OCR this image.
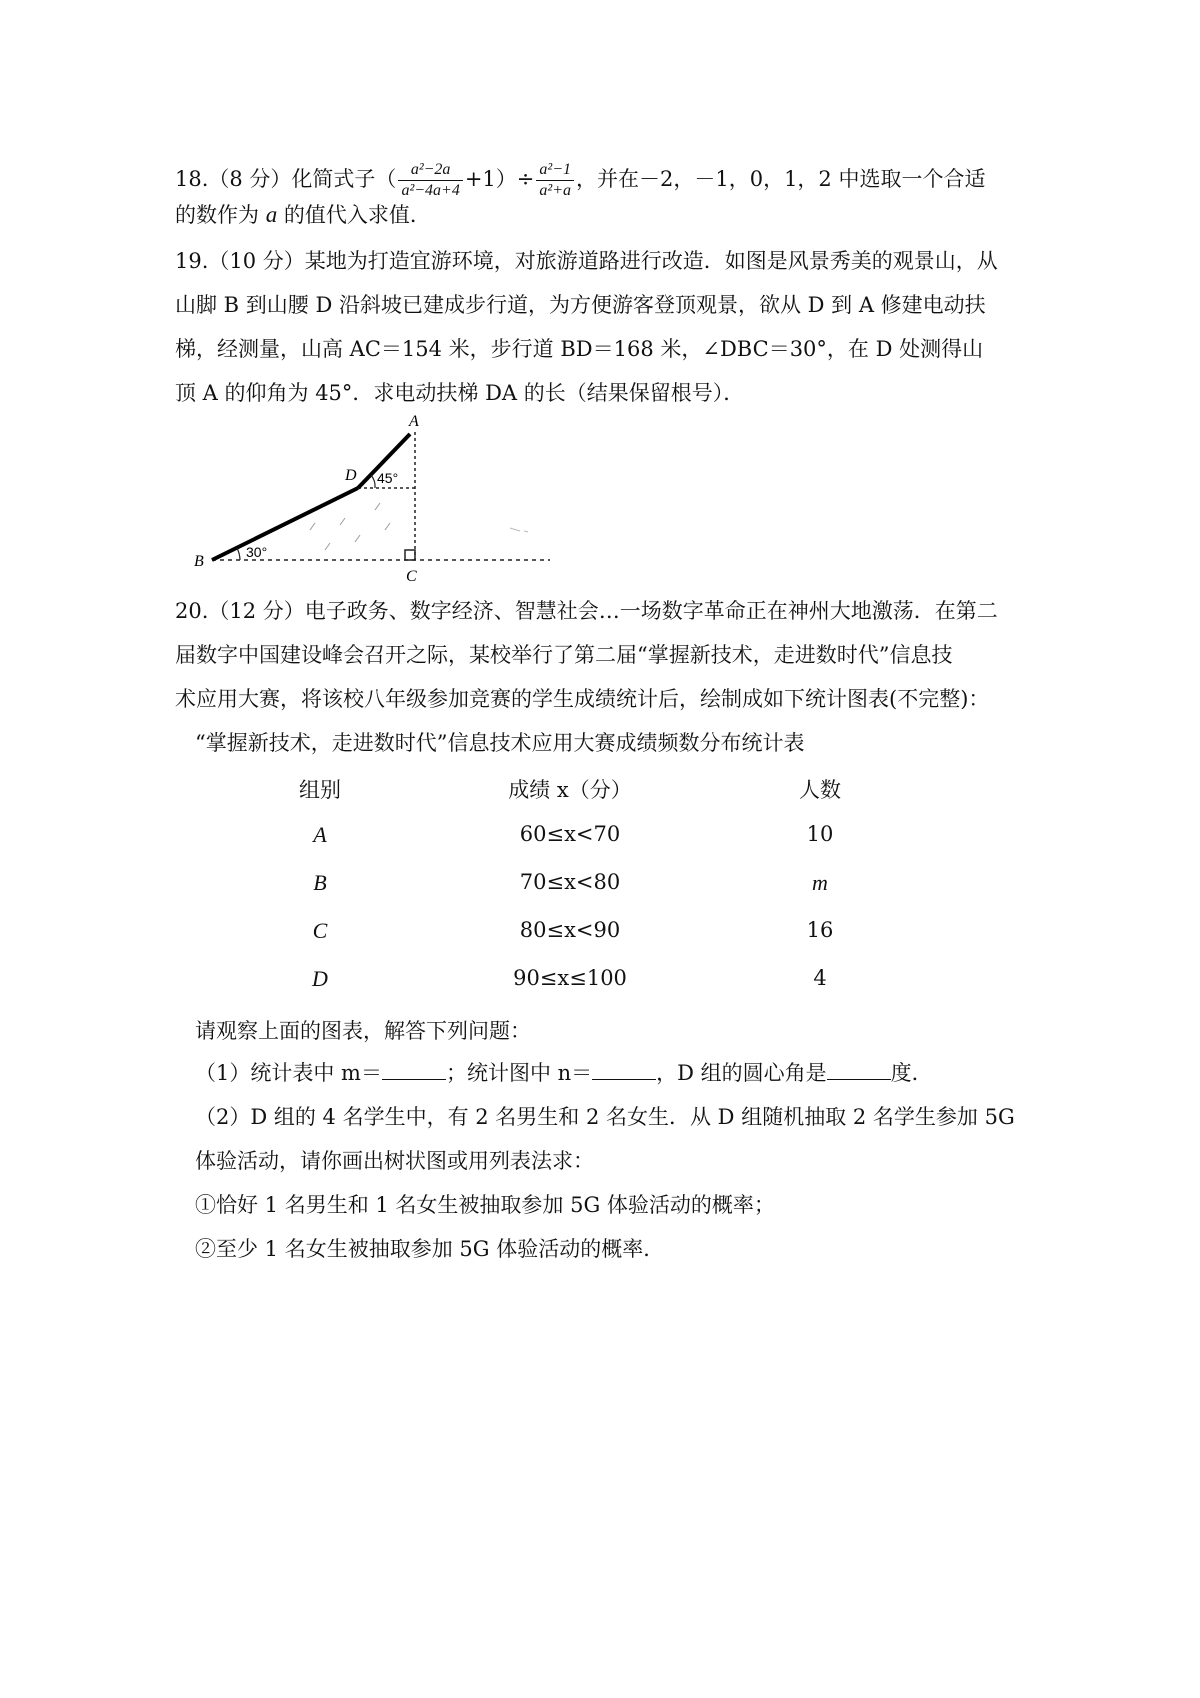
18.（8 分）化简式子（ $\frac{\text{a²−2a}}{\text{a²−4a+4}} +1)\div \frac{\text{a²−1}}{\text{a²+a}}$ ，并在－2，－1，0，1，2 中选取一个合适
的数作为 a 的值代入求值．
19.（10 分）某地为打造宜游环境，对旅游道路进行改造．如图是风景秀美的观景山，从
山脚 B 到山腰 D 沿斜坡已建成步行道，为方便游客登顶观景，欲从 D 到 A 修建电动扶
梯，经测量，山高 AC＝154 米，步行道 BD＝168 米，∠DBC＝30°，在 D 处测得山
顶 A 的仰角为 45°．求电动扶梯 DA 的长（结果保留根号）．
A
D
B
C
45°
30°
20.（12 分）电子政务、数字经济、智慧社会…一场数字革命正在神州大地激荡．在第二
届数字中国建设峰会召开之际，某校举行了第二届“掌握新技术，走进数时代”信息技
术应用大赛，将该校八年级参加竞赛的学生成绩统计后，绘制成如下统计图表(不完整)：
“掌握新技术，走进数时代”信息技术应用大赛成绩频数分布统计表
组别	成绩 x（分）	人数
A	60≤x<70	10
B	70≤x<80	m
C	80≤x<90	16
D	90≤x≤100	4
请观察上面的图表，解答下列问题：
（1）统计表中 m＝	；统计图中 n＝	，D 组的圆心角是	度．
（2）D 组的 4 名学生中，有 2 名男生和 2 名女生．从 D 组随机抽取 2 名学生参加 5G
体验活动，请你画出树状图或用列表法求：
①恰好 1 名男生和 1 名女生被抽取参加 5G 体验活动的概率；
②至少 1 名女生被抽取参加 5G 体验活动的概率．
